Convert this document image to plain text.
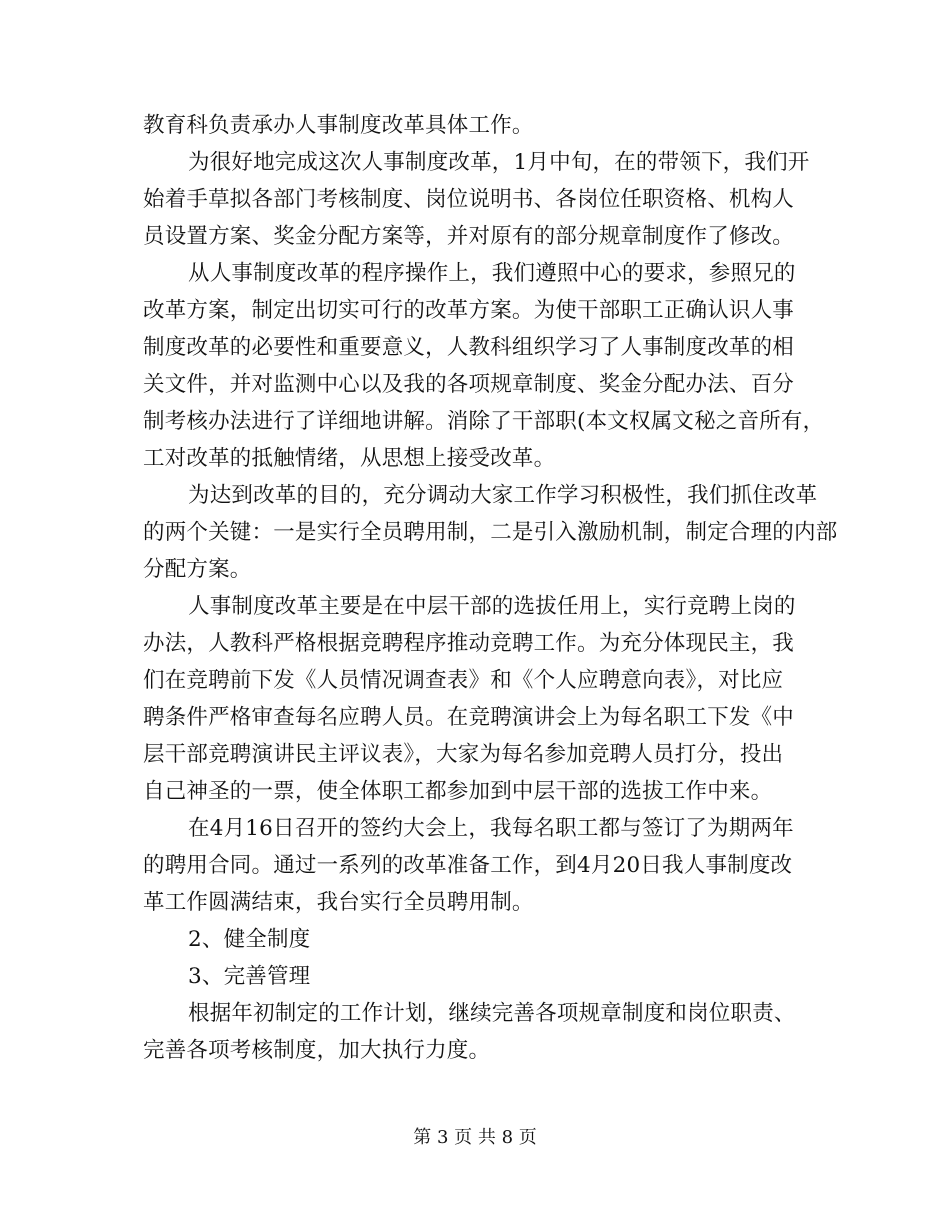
教育科负责承办人事制度改革具体工作。
为很好地完成这次人事制度改革，1月中旬，在的带领下，我们开
始着手草拟各部门考核制度、岗位说明书、各岗位任职资格、机构人
员设置方案、奖金分配方案等，并对原有的部分规章制度作了修改。
从人事制度改革的程序操作上，我们遵照中心的要求，参照兄的
改革方案，制定出切实可行的改革方案。为使干部职工正确认识人事
制度改革的必要性和重要意义，人教科组织学习了人事制度改革的相
关文件，并对监测中心以及我的各项规章制度、奖金分配办法、百分
制考核办法进行了详细地讲解。消除了干部职(本文权属文秘之音所有，
工对改革的抵触情绪，从思想上接受改革。
为达到改革的目的，充分调动大家工作学习积极性，我们抓住改革
的两个关键：一是实行全员聘用制，二是引入激励机制，制定合理的内部
分配方案。
人事制度改革主要是在中层干部的选拔任用上，实行竞聘上岗的
办法，人教科严格根据竞聘程序推动竞聘工作。为充分体现民主，我
们在竞聘前下发《人员情况调查表》和《个人应聘意向表》，对比应
聘条件严格审查每名应聘人员。在竞聘演讲会上为每名职工下发《中
层干部竞聘演讲民主评议表》，大家为每名参加竞聘人员打分，投出
自己神圣的一票，使全体职工都参加到中层干部的选拔工作中来。
在4月16日召开的签约大会上，我每名职工都与签订了为期两年
的聘用合同。通过一系列的改革准备工作，到4月20日我人事制度改
革工作圆满结束，我台实行全员聘用制。
2、健全制度
3、完善管理
根据年初制定的工作计划，继续完善各项规章制度和岗位职责、
完善各项考核制度，加大执行力度。
第 3 页 共 8 页
